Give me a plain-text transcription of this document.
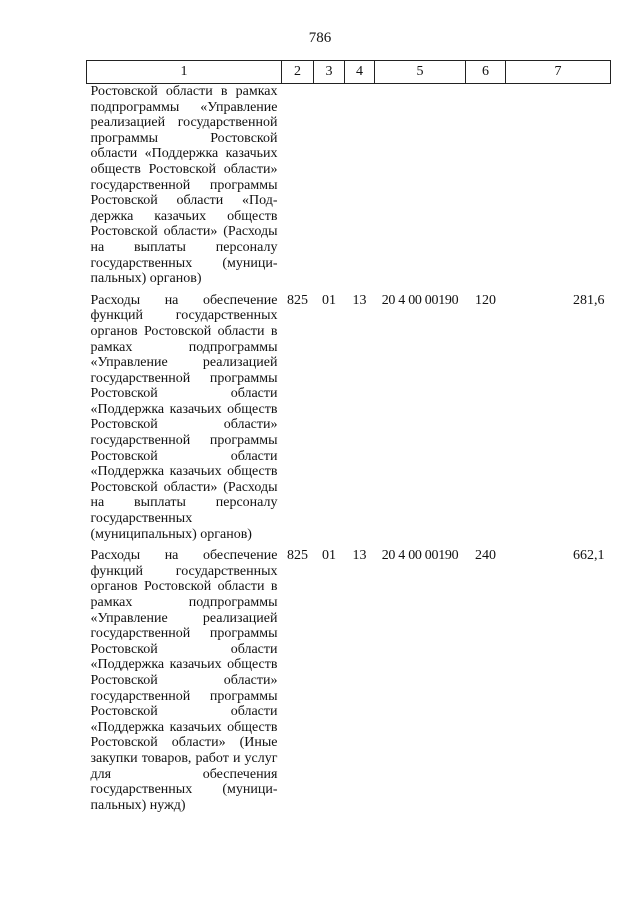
786
1	2	3	4	5	6	7
Ростовской области в рамках подпрограммы «Управление реализацией государственной программы Ростовской области «Поддержка казачьих обществ Ростовской области» государственной программы Ростовской области «Поддержка казачьих обществ Ростовской области» (Расходы на выплаты персоналу государственных (муниципальных) органов)						
Расходы на обеспечение функций государственных органов Ростовской области в рамках подпрограммы «Управление реализацией государственной программы Ростовской области «Поддержка казачьих обществ Ростовской области» государственной программы Ростовской области «Поддержка казачьих обществ Ростовской области» (Расходы на выплаты персоналу государственных (муниципальных) органов)	825	01	13	20 4 00 00190	120	281,6
Расходы на обеспечение функций государственных органов Ростовской области в рамках подпрограммы «Управление реализацией государственной программы Ростовской области «Поддержка казачьих обществ Ростовской области» государственной программы Ростовской области «Поддержка казачьих обществ Ростовской области» (Иные закупки товаров, работ и услуг для обеспечения государственных (муниципальных) нужд)	825	01	13	20 4 00 00190	240	662,1
